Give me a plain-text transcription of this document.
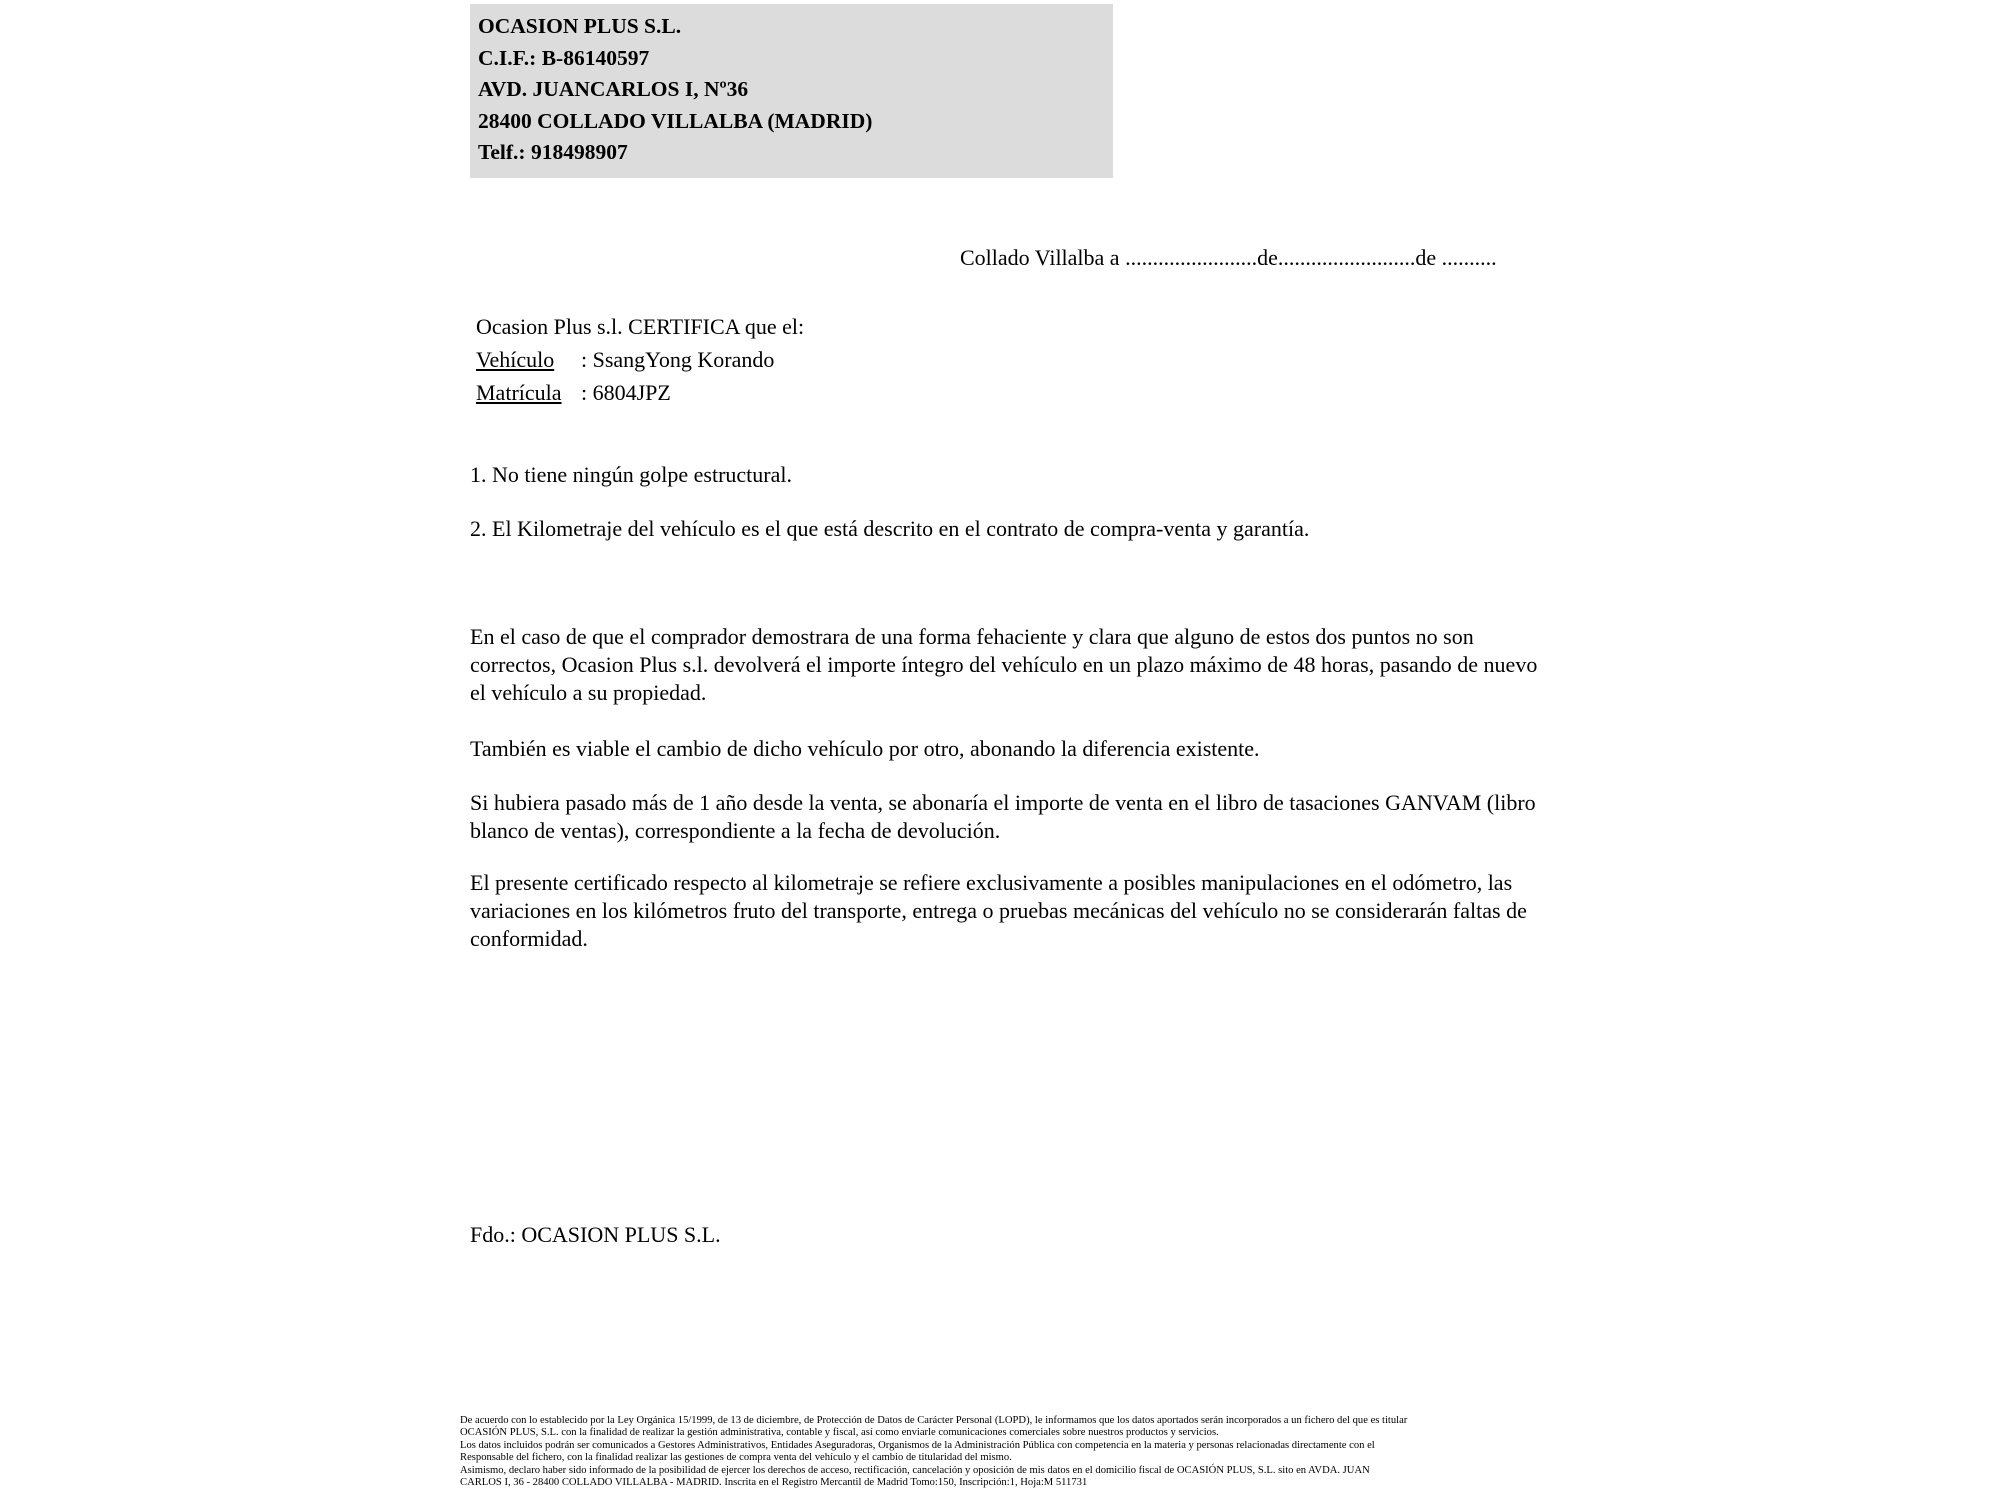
OCASION PLUS S.L.
C.I.F.: B-86140597
AVD. JUANCARLOS I, Nº36
28400 COLLADO VILLALBA (MADRID)
Telf.: 918498907
Collado Villalba a ........................de.........................de ..........
Ocasion Plus s.l. CERTIFICA que el:
Vehículo : SsangYong Korando
Matrícula : 6804JPZ
1. No tiene ningún golpe estructural.
2. El Kilometraje del vehículo es el que está descrito en el contrato de compra-venta y garantía.
En el caso de que el comprador demostrara de una forma fehaciente y clara que alguno de estos dos puntos no son correctos, Ocasion Plus s.l. devolverá el importe íntegro del vehículo en un plazo máximo de 48 horas, pasando de nuevo el vehículo a su propiedad.
También es viable el cambio de dicho vehículo por otro, abonando la diferencia existente.
Si hubiera pasado más de 1 año desde la venta, se abonaría el importe de venta en el libro de tasaciones GANVAM (libro blanco de ventas), correspondiente a la fecha de devolución.
El presente certificado respecto al kilometraje se refiere exclusivamente a posibles manipulaciones en el odómetro, las variaciones en los kilómetros fruto del transporte, entrega o pruebas mecánicas del vehículo no se considerarán faltas de conformidad.
Fdo.: OCASION PLUS S.L.
De acuerdo con lo establecido por la Ley Orgánica 15/1999, de 13 de diciembre, de Protección de Datos de Carácter Personal (LOPD), le informamos que los datos aportados serán incorporados a un fichero del que es titular
OCASIÓN PLUS, S.L. con la finalidad de realizar la gestión administrativa, contable y fiscal, así como enviarle comunicaciones comerciales sobre nuestros productos y servicios.
Los datos incluidos podrán ser comunicados a Gestores Administrativos, Entidades Aseguradoras, Organismos de la Administración Pública con competencia en la materia y personas relacionadas directamente con el
Responsable del fichero, con la finalidad realizar las gestiones de compra venta del vehículo y el cambio de titularidad del mismo.
Asimismo, declaro haber sido informado de la posibilidad de ejercer los derechos de acceso, rectificación, cancelación y oposición de mis datos en el domicilio fiscal de OCASIÓN PLUS, S.L. sito en AVDA. JUAN
CARLOS I, 36 - 28400 COLLADO VILLALBA - MADRID. Inscrita en el Registro Mercantil de Madrid Tomo:150, Inscripción:1, Hoja:M 511731
